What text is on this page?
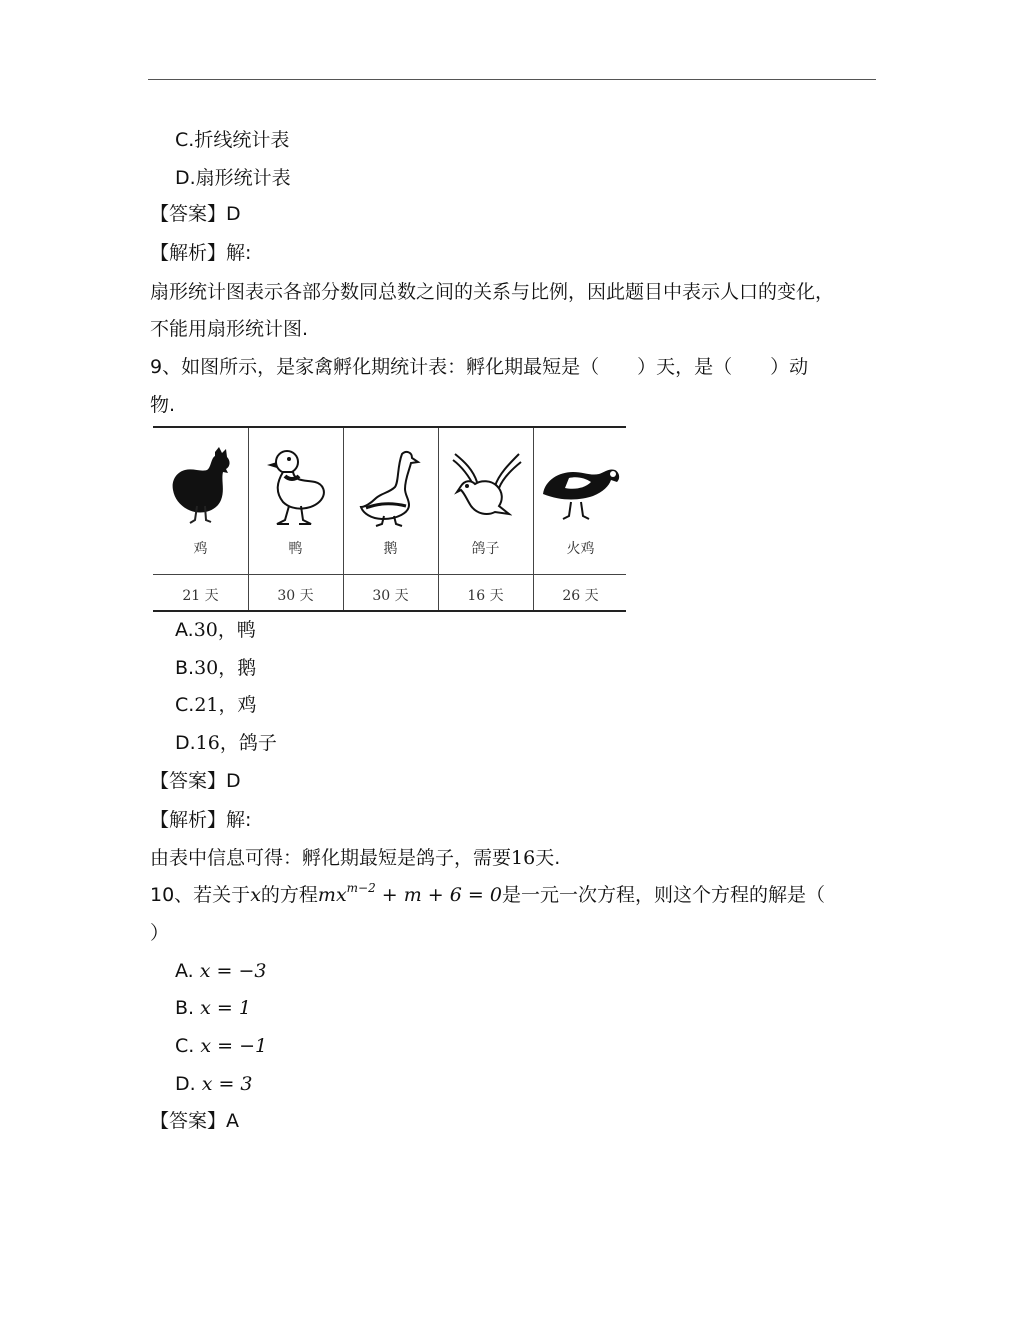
C.折线统计表
D.扇形统计表
【答案】D
【解析】解:
扇形统计图表示各部分数同总数之间的关系与比例，因此题目中表示人口的变化，
不能用扇形统计图.
9、如图所示，是家禽孵化期统计表：孵化期最短是（　　）天，是（　　）动
物.
鸡
21 天
鸭
30 天
鹅
30 天
鸽子
16 天
火鸡
26 天
A.30，鸭
B.30，鹅
C.21，鸡
D.16，鸽子
【答案】D
【解析】解:
由表中信息可得：孵化期最短是鸽子，需要16天.
10、若关于x的方程$mx^{m-2} + m + 6 = 0$是一元一次方程，则这个方程的解是（
）
A. x = −3
B. x = 1
C. x = −1
D. x = 3
【答案】A
